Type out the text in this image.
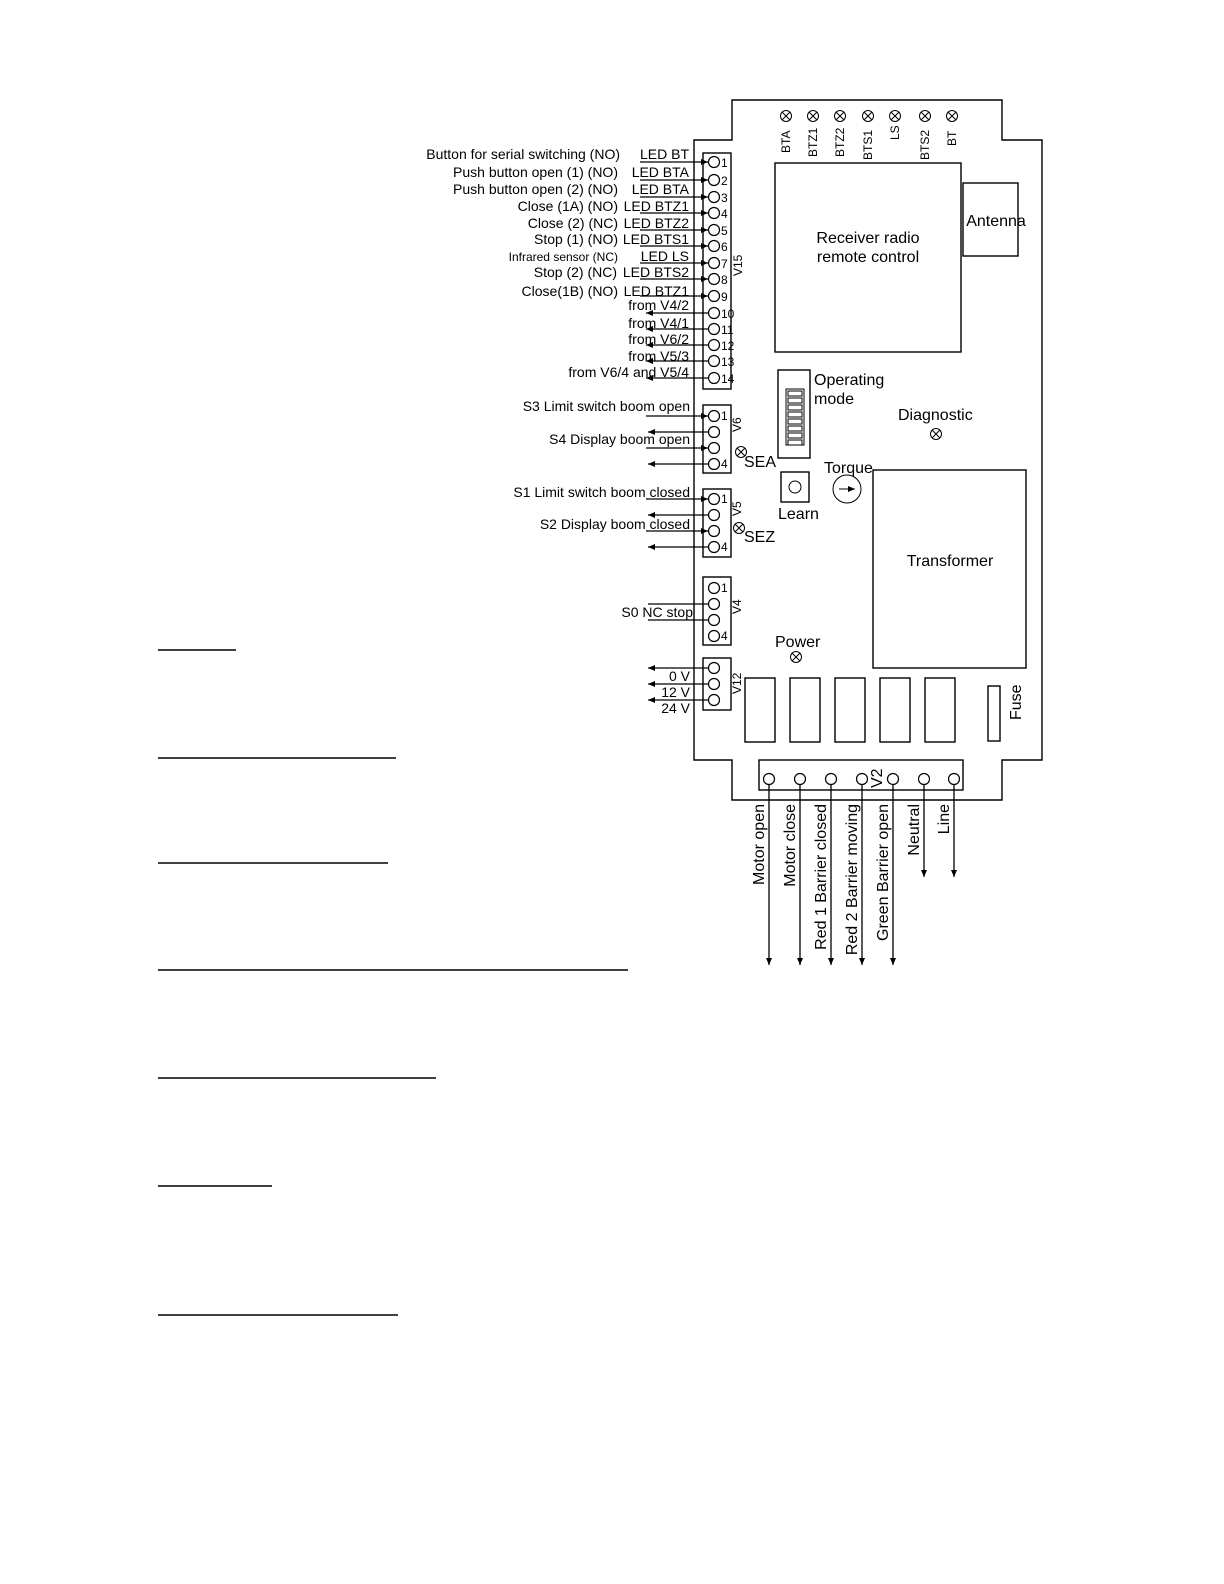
BTA BTZ1 BTZ2 BTS1 LS BTS2 BT
Receiver radio
remote control
Antenna
Operating
mode
Diagnostic
SEA
Learn
Torque
SEZ
Transformer
Power
Fuse
V15
1
LED BT
Button for serial switching (NO)
2
LED BTA
Push button open (1) (NO)
3
LED BTA
Push button open (2) (NO)
4
LED BTZ1
Close (1A) (NO)
5
LED BTZ2
Close (2) (NC)
6
LED BTS1
Stop (1) (NO)
7
LED LS
Infrared sensor (NC)
8
LED BTS2
Stop (2) (NC)
9
LED BTZ1
Close(1B) (NO)
10
from V4/2
11
from V4/1
12
from V6/2
13
from V5/3
14
from V6/4 and V5/4
V6
1
4
S3 Limit switch boom open
S4 Display boom open
V5
1
4
S1 Limit switch boom closed
S2 Display boom closed
V4
1
4
S0 NC stop
V12
0 V
12 V
24 V
V2
Motor open Motor close Red 1 Barrier closed Red 2 Barrier moving Green Barrier open Neutral Line
